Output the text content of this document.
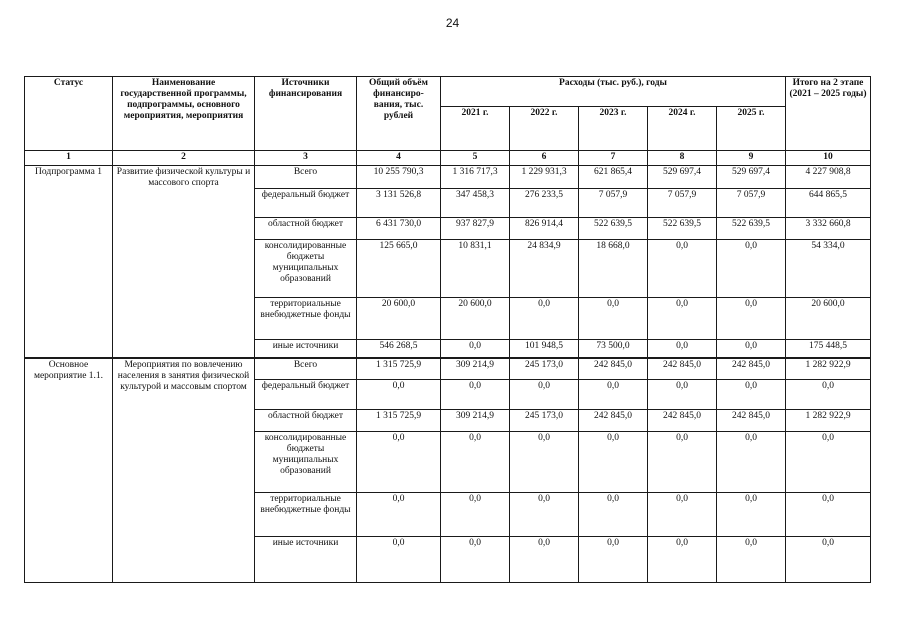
24
Статус	Наименование государственной программы, подпрограммы, основного мероприятия, мероприятия	Источники финансирования	Общий объём финансиро-вания, тыс. рублей	Расходы (тыс. руб.), годы					Итого на 2 этапе (2021 – 2025 годы)
				2021 г.	2022 г.	2023 г.	2024 г.	2025 г.	
1	2	3	4	5	6	7	8	9	10
Подпрограмма 1	Развитие физической культуры и массового спорта	Всего	10 255 790,3	1 316 717,3	1 229 931,3	621 865,4	529 697,4	529 697,4	4 227 908,8
		федеральный бюджет	3 131 526,8	347 458,3	276 233,5	7 057,9	7 057,9	7 057,9	644 865,5
		областной бюджет	6 431 730,0	937 827,9	826 914,4	522 639,5	522 639,5	522 639,5	3 332 660,8
		консолидированные бюджеты муниципальных образований	125 665,0	10 831,1	24 834,9	18 668,0	0,0	0,0	54 334,0
		территориальные внебюджетные фонды	20 600,0	20 600,0	0,0	0,0	0,0	0,0	20 600,0
		иные источники	546 268,5	0,0	101 948,5	73 500,0	0,0	0,0	175 448,5
Основное мероприятие 1.1.	Мероприятия по вовлечению населения в занятия физической культурой и массовым спортом	Всего	1 315 725,9	309 214,9	245 173,0	242 845,0	242 845,0	242 845,0	1 282 922,9
		федеральный бюджет	0,0	0,0	0,0	0,0	0,0	0,0	0,0
		областной бюджет	1 315 725,9	309 214,9	245 173,0	242 845,0	242 845,0	242 845,0	1 282 922,9
		консолидированные бюджеты муниципальных образований	0,0	0,0	0,0	0,0	0,0	0,0	0,0
		территориальные внебюджетные фонды	0,0	0,0	0,0	0,0	0,0	0,0	0,0
		иные источники	0,0	0,0	0,0	0,0	0,0	0,0	0,0
